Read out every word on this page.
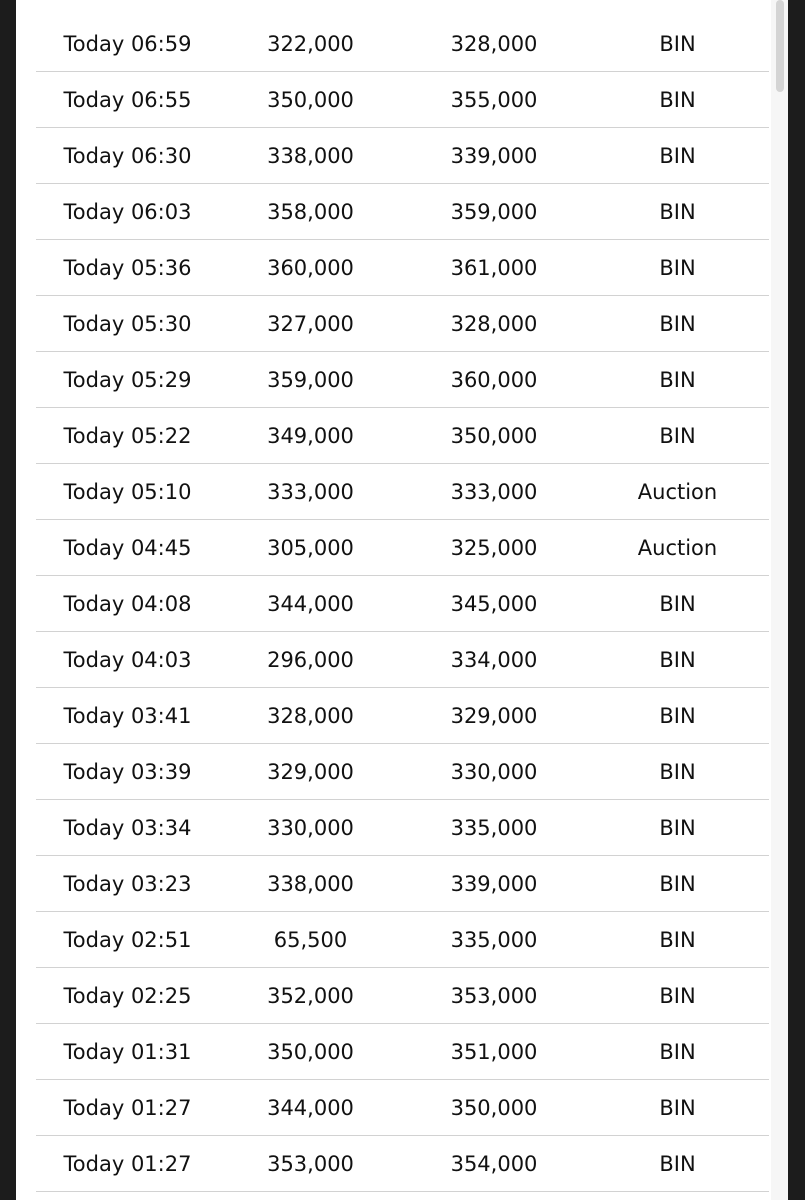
Today 06:59	322,000	328,000	BIN
Today 06:55	350,000	355,000	BIN
Today 06:30	338,000	339,000	BIN
Today 06:03	358,000	359,000	BIN
Today 05:36	360,000	361,000	BIN
Today 05:30	327,000	328,000	BIN
Today 05:29	359,000	360,000	BIN
Today 05:22	349,000	350,000	BIN
Today 05:10	333,000	333,000	Auction
Today 04:45	305,000	325,000	Auction
Today 04:08	344,000	345,000	BIN
Today 04:03	296,000	334,000	BIN
Today 03:41	328,000	329,000	BIN
Today 03:39	329,000	330,000	BIN
Today 03:34	330,000	335,000	BIN
Today 03:23	338,000	339,000	BIN
Today 02:51	65,500	335,000	BIN
Today 02:25	352,000	353,000	BIN
Today 01:31	350,000	351,000	BIN
Today 01:27	344,000	350,000	BIN
Today 01:27	353,000	354,000	BIN
